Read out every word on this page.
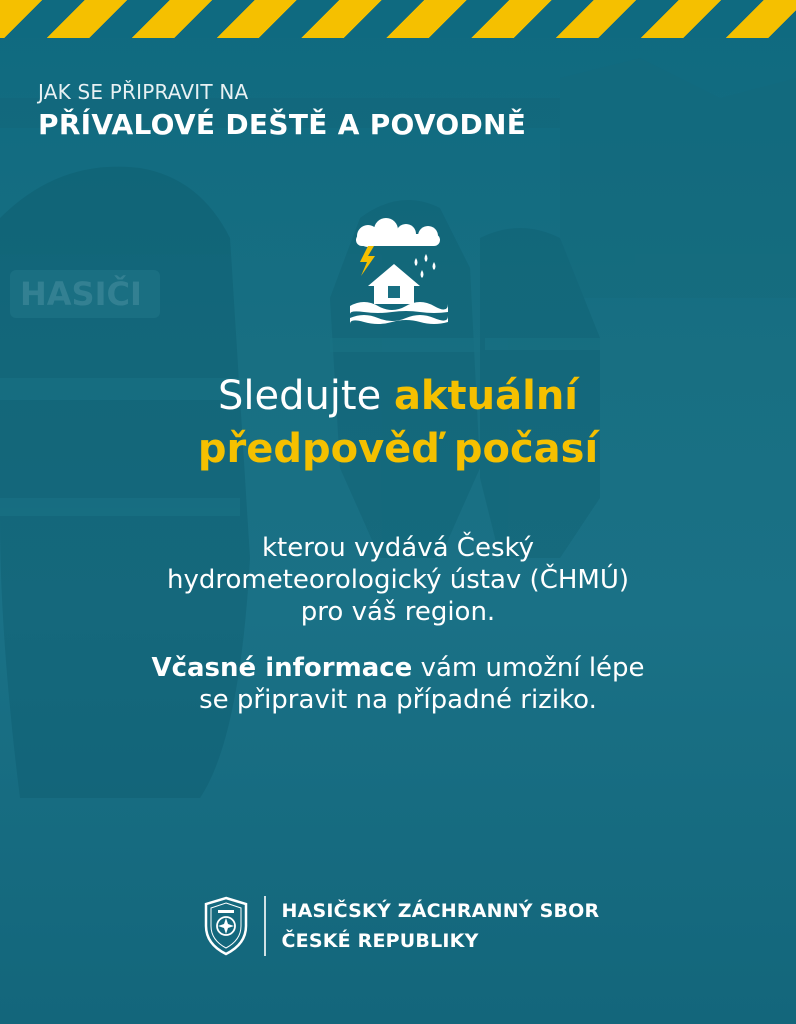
HASIČI
JAK SE PŘIPRAVIT NA
PŘÍVALOVÉ DEŠTĚ A POVODNĚ
Sledujte aktuální
předpověď počasí

kterou vydává Český
hydrometeorologický ústav (ČHMÚ)
pro váš region.

Včasné informace vám umožní lépe
se připravit na případné riziko.

HASIČSKÝ ZÁCHRANNÝ SBOR
ČESKÉ REPUBLIKY
